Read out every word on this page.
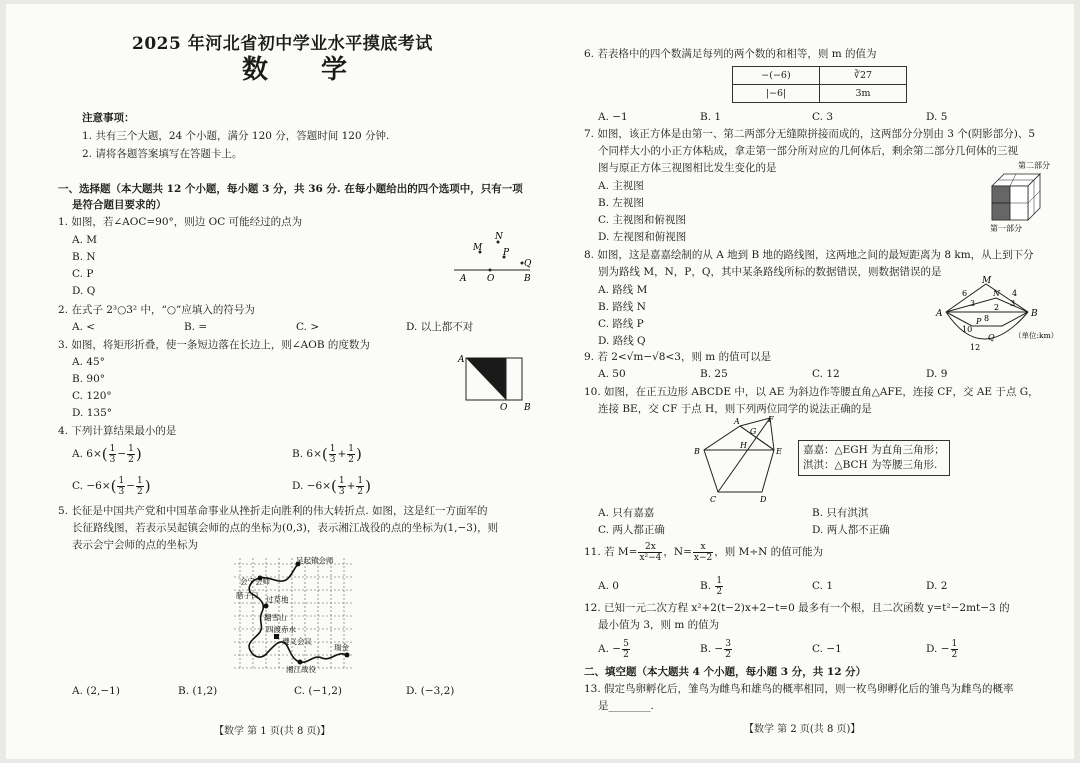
2025 年河北省初中学业水平摸底考试
数 学
注意事项：
1. 共有三个大题，24 个小题，满分 120 分，答题时间 120 分钟.
2. 请将各题答案填写在答题卡上。
一、选择题（本大题共 12 个小题，每小题 3 分，共 36 分. 在每小题给出的四个选项中，只有一项
是符合题目要求的）
1. 如图，若∠AOC=90°，则边 OC 可能经过的点为
A. M
B. N
C. P
D. Q
M
N
P
Q
A O	B
2. 在式子 2³○3² 中，“○”应填入的符号为
A. <	B. =	C. >	D. 以上都不对
3. 如图，将矩形折叠，使一条短边落在长边上，则∠AOB 的度数为
A. 45°
B. 90°
C. 120°
D. 135°
A
O B
4. 下列计算结果最小的是
A. $6\times( \frac{1}{3} - \frac{1}{2}$ )	B. $6\times( \frac{1}{3} + \frac{1}{2}$ )
C. $-6\times( \frac{1}{3} - \frac{1}{2}$ )	D. $-6\times( \frac{1}{3} + \frac{1}{2}$ )
5. 长征是中国共产党和中国革命事业从挫折走向胜利的伟大转折点. 如图，这是红一方面军的
长征路线图，若表示吴起镇会师的点的坐标为(0,3)，表示湘江战役的点的坐标为(1,−3)，则
表示会宁会师的点的坐标为
吴起镇会师
会宁会师
腊子口 过草地
翻雪山
四渡赤水
遵义会议
瑞金
湘江战役
A. (2,−1)	B. (1,2)	C. (−1,2)	D. (−3,2)
【数学 第 1 页(共 8 页)】
6. 若表格中的四个数满足每列的两个数的和相等，则 m 的值为
−(−6)	∛27
|−6|	3m
A. −1	B. 1	C. 3	D. 5
7. 如图，该正方体是由第一、第二两部分无缝隙拼接而成的，这两部分分别由 3 个(阴影部分)、5
个同样大小的小正方体粘成，拿走第一部分所对应的几何体后，剩余第二部分几何体的三视
图与原正方体三视图相比发生变化的是
A. 主视图
B. 左视图
C. 主视图和俯视图
D. 左视图和俯视图
第二部分
第一部分
8. 如图，这是嘉嘉绘制的从 A 地到 B 地的路线图，这两地之间的最短距离为 8 km，从上到下分
别为路线 M，N，P，Q，其中某条路线所标的数据错误，则数据错误的是
A. 路线 M
B. 路线 N
C. 路线 P
D. 路线 Q
A	B
M
N
P
Q
6	4
3	3
2
8
10
12
（单位:km）
9. 若 2<√m−√8<3，则 m 的值可以是
A. 50	B. 25	C. 12	D. 9
10. 如图，在正五边形 ABCDE 中，以 AE 为斜边作等腰直角△AFE，连接 CF，交 AE 于点 G，
连接 BE，交 CF 于点 H，则下列两位同学的说法正确的是
A
B
C	D
E
F
G
H	嘉嘉：△EGH 为直角三角形；
淇淇：△BCH 为等腰三角形.
A. 只有嘉嘉	B. 只有淇淇
C. 两人都正确	D. 两人都不正确
11. 若 $M= \frac{2x}{\text{x²−4}}$ ，$N= \frac{x}{x-2}$ ，则 M÷N 的值可能为
A. 0	B. $\frac{1}{2}$	C. 1	D. 2
12. 已知一元二次方程 x²+2(t−2)x+2−t=0 最多有一个根，且二次函数 y=t²−2mt−3 的
最小值为 3，则 m 的值为
A. − $\frac{5}{2}$	B. − $\frac{3}{2}$	C. −1	D. − $\frac{1}{2}$
二、填空题（本大题共 4 个小题，每小题 3 分，共 12 分）
13. 假定鸟卵孵化后，雏鸟为雌鸟和雄鸟的概率相同，则一枚鸟卵孵化后的雏鸟为雌鸟的概率
是________.
【数学 第 2 页(共 8 页)】
